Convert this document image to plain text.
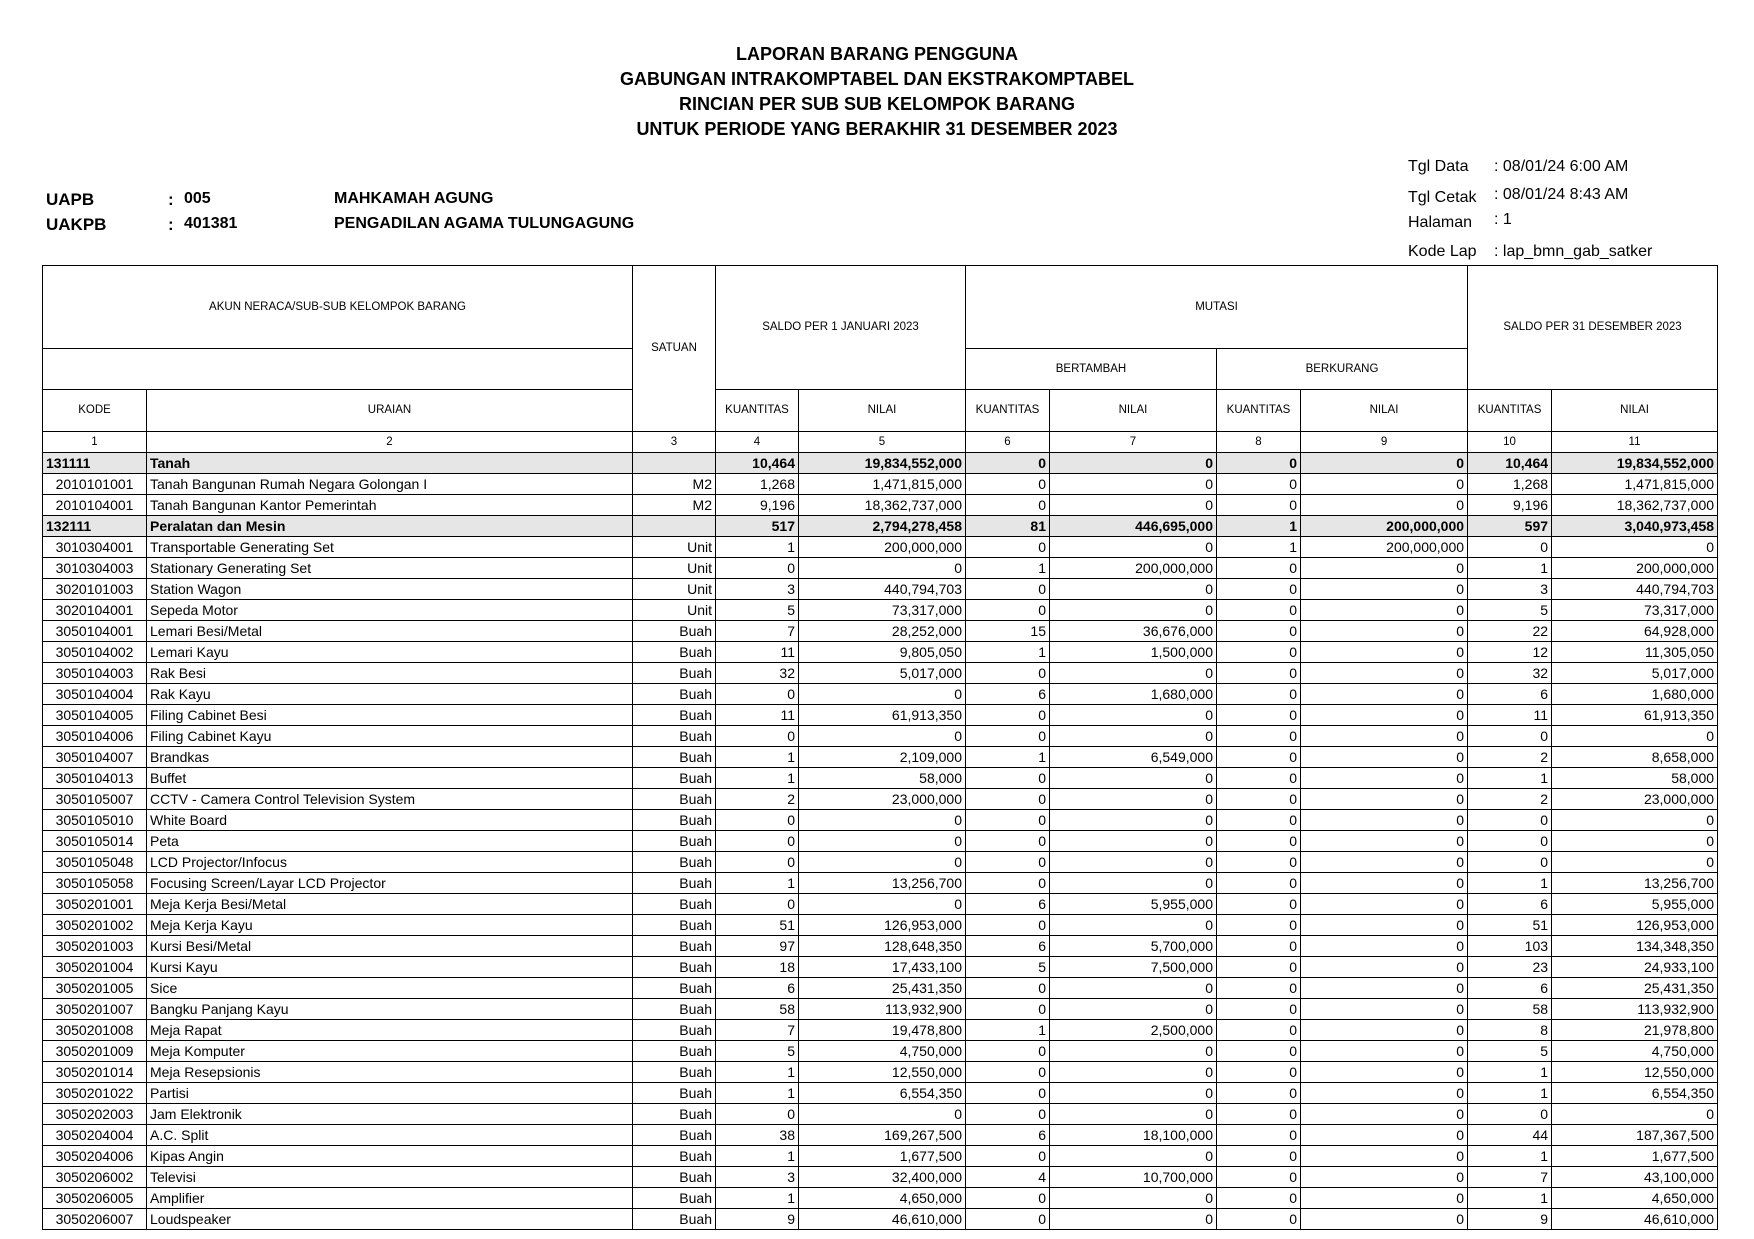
LAPORAN BARANG PENGGUNA
GABUNGAN INTRAKOMPTABEL DAN EKSTRAKOMPTABEL
RINCIAN PER SUB SUB KELOMPOK BARANG
UNTUK PERIODE YANG BERAKHIR 31 DESEMBER 2023
UAPB	: 005	MAHKAMAH AGUNG
UAKPB	: 401381	PENGADILAN AGAMA TULUNGAGUNG
Tgl Data : 08/01/24 6:00 AM
Tgl Cetak : 08/01/24 8:43 AM
Halaman : 1
Kode Lap : lap_bmn_gab_satker
AKUN NERACA/SUB-SUB KELOMPOK BARANG		SATUAN	SALDO PER 1 JANUARI 2023		MUTASI				SALDO PER 31 DESEMBER 2023	
					BERTAMBAH		BERKURANG			
KODE	URAIAN		KUANTITAS	NILAI	KUANTITAS	NILAI	KUANTITAS	NILAI	KUANTITAS	NILAI
1	2	3	4	5	6	7	8	9	10	11
131111	Tanah		10,464	19,834,552,000	0	0	0	0	10,464	19,834,552,000
2010101001	Tanah Bangunan Rumah Negara Golongan I	M2	1,268	1,471,815,000	0	0	0	0	1,268	1,471,815,000
2010104001	Tanah Bangunan Kantor Pemerintah	M2	9,196	18,362,737,000	0	0	0	0	9,196	18,362,737,000
132111	Peralatan dan Mesin		517	2,794,278,458	81	446,695,000	1	200,000,000	597	3,040,973,458
3010304001	Transportable Generating Set	Unit	1	200,000,000	0	0	1	200,000,000	0	0
3010304003	Stationary Generating Set	Unit	0	0	1	200,000,000	0	0	1	200,000,000
3020101003	Station Wagon	Unit	3	440,794,703	0	0	0	0	3	440,794,703
3020104001	Sepeda Motor	Unit	5	73,317,000	0	0	0	0	5	73,317,000
3050104001	Lemari Besi/Metal	Buah	7	28,252,000	15	36,676,000	0	0	22	64,928,000
3050104002	Lemari Kayu	Buah	11	9,805,050	1	1,500,000	0	0	12	11,305,050
3050104003	Rak Besi	Buah	32	5,017,000	0	0	0	0	32	5,017,000
3050104004	Rak Kayu	Buah	0	0	6	1,680,000	0	0	6	1,680,000
3050104005	Filing Cabinet Besi	Buah	11	61,913,350	0	0	0	0	11	61,913,350
3050104006	Filing Cabinet Kayu	Buah	0	0	0	0	0	0	0	0
3050104007	Brandkas	Buah	1	2,109,000	1	6,549,000	0	0	2	8,658,000
3050104013	Buffet	Buah	1	58,000	0	0	0	0	1	58,000
3050105007	CCTV - Camera Control Television System	Buah	2	23,000,000	0	0	0	0	2	23,000,000
3050105010	White Board	Buah	0	0	0	0	0	0	0	0
3050105014	Peta	Buah	0	0	0	0	0	0	0	0
3050105048	LCD Projector/Infocus	Buah	0	0	0	0	0	0	0	0
3050105058	Focusing Screen/Layar LCD Projector	Buah	1	13,256,700	0	0	0	0	1	13,256,700
3050201001	Meja Kerja Besi/Metal	Buah	0	0	6	5,955,000	0	0	6	5,955,000
3050201002	Meja Kerja Kayu	Buah	51	126,953,000	0	0	0	0	51	126,953,000
3050201003	Kursi Besi/Metal	Buah	97	128,648,350	6	5,700,000	0	0	103	134,348,350
3050201004	Kursi Kayu	Buah	18	17,433,100	5	7,500,000	0	0	23	24,933,100
3050201005	Sice	Buah	6	25,431,350	0	0	0	0	6	25,431,350
3050201007	Bangku Panjang Kayu	Buah	58	113,932,900	0	0	0	0	58	113,932,900
3050201008	Meja Rapat	Buah	7	19,478,800	1	2,500,000	0	0	8	21,978,800
3050201009	Meja Komputer	Buah	5	4,750,000	0	0	0	0	5	4,750,000
3050201014	Meja Resepsionis	Buah	1	12,550,000	0	0	0	0	1	12,550,000
3050201022	Partisi	Buah	1	6,554,350	0	0	0	0	1	6,554,350
3050202003	Jam Elektronik	Buah	0	0	0	0	0	0	0	0
3050204004	A.C. Split	Buah	38	169,267,500	6	18,100,000	0	0	44	187,367,500
3050204006	Kipas Angin	Buah	1	1,677,500	0	0	0	0	1	1,677,500
3050206002	Televisi	Buah	3	32,400,000	4	10,700,000	0	0	7	43,100,000
3050206005	Amplifier	Buah	1	4,650,000	0	0	0	0	1	4,650,000
3050206007	Loudspeaker	Buah	9	46,610,000	0	0	0	0	9	46,610,000
